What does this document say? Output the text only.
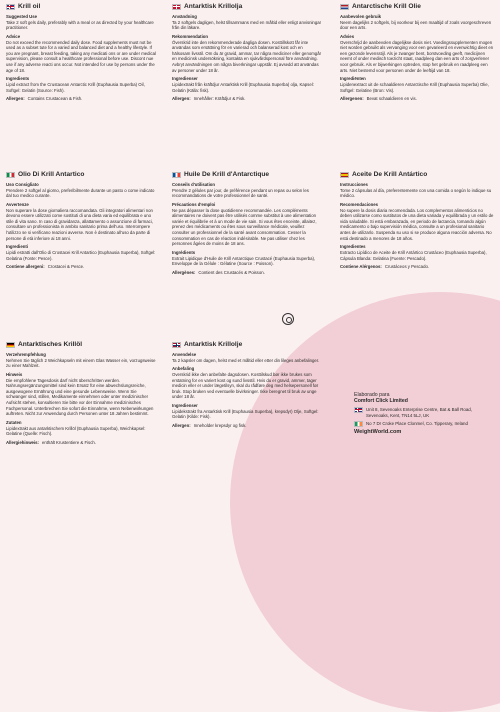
Krill oil
Suggested Use
Take 2 soft gels daily, preferably with a meal or as directed by your healthcare practitioner.
Advice
Do not exceed the recommended daily dose. Food supplements must not be used as a subset tute for a varied and balanced diet and a healthy lifestyle. If you are pregnant, breast feeding, taking any medicati ons or are under medical supervision, please consult a healthcare professional before use. Discont nue use if any adverse reacti ons occur. Not intended for use by persons under the age of 18.
Ingredients
Lipid extract from the Crustacean Antarctic Krill (Euphausia Superba) Oil, Softgel: Gelatin (Source: Fish).
Allergen: Contains Crustacean & Fish.
Antarktisk Krillolja
Användning
Ta 2 softgels dagligen, helst tillsammans med en måltid eller enligt anvisningar från din läkare.
Rekommendation
Överskrid inte den rekommenderade dagliga dosen. Kosttillskott får inte användas som ersättning för en varierad och balanserad kost och en hälsosam livsstil. Om du är gravid, ammar, tar några mediciner eller genomgår en medicinsk undersökning, kontakta en sjukvårdspersonal före användning. Avbryt användningen om några biverkningar uppstår. Ej avsedd att användas av personer under 18 år.
Ingredienser
Lipidextrakt från kräftdjur Antarktisk Krill (Euphausia Superba) olja, Kapsel: Gelatin (Källa: fisk).
Allergen: Innehåller: Kräftdjur & Fisk.
Antarctische Krill Olie
Aanbevolen gebruik
Neem dagelijks 2 softgels, bij voorkeur bij een maaltijd of zoals voorgeschreven door een arts.
Advies
Overschrijd de aanbevolen dagelijkse dosis niet. Voedingssupplementen mogen niet worden gebruikt als vervanging voor een gevarieerd en evenwichtig dieet en een gezonde levensstijl. Als je zwanger bent, borstvoeding geeft, medicijnen neemt of onder medisch toezicht staat, raadpleeg dan een arts of zorgverlener voor gebruik. Als er bijwerkingen optreden, stop het gebruik en raadpleeg een arts. Niet bestemd voor personen onder de leeftijd van 18.
Ingrediënten
Lipidenextract uit de schaaldieren Antarctische Krill (Euphausia Superba) Olie, Softgel: Gelatine (Bron: Vis).
Allergenen: Bevat schaaldieren en vis.
Olio Di Krill Antartico
Uso Consigliato
Prendere 2 softgel al giorno, preferibilmente durante un pasto o come indicato dal tuo medico curante.
Avvertenze
Non superare la dose giornaliera raccomandata. Gli integratori alimentari non devono essere utilizzati come sostituti di una dieta varia ed equilibrata e uno stile di vita sano. In caso di gravidanza, allattamento o assunzione di farmaci, consultare un professionista in ambito sanitario prima dell'uso. Interrompere l'utilizzo se si verificano reazioni avverse. Non è destinato all'uso da parte di persone di età inferiore ai 18 anni.
Ingredienti
Lipidi estratti dall'Olio di Crostacei Krill Antartico (Euphausia Superba), Softgel: Gelatina (Fonte: Pesce).
Contiene allergeni: Crostacei & Pesce.
Huile De Krill d'Antarctique
Conseils d'utilisation
Prendre 2 gélules par jour, de préférence pendant un repas ou selon les recommandations de votre professionnel de santé.
Précautions d'emploi
Ne pas dépasser la dose quotidienne recommandée. Les compléments alimentaires ne doivent pas être utilisés comme substitut à une alimentation variée et équilibrée et à un mode de vie sain. Si vous êtes enceinte, allaitez, prenez des médicaments ou êtes sous surveillance médicale, veuillez consulter un professionnel de la santé avant consommation. Cesser la consommation en cas de réaction indésirable. Ne pas utiliser chez les personnes âgées de moins de 18 ans.
Ingrédients
Extrait Lipidique d'Huile de Krill Antarctique Crustacé (Euphausia Superba), Enveloppe de la Gélule : Gélatine (Source : Poisson).
Allergènes: Contient des Crustacés & Poisson.
Aceite De Krill Antártico
Instrucciones
Tome 2 cápsulas al día, preferentemente con una comida o según lo indique su médico.
Recomendaciones
No supere la dosis diaria recomendada. Los complementos alimenticios no deben utilizarse como sustitutos de una dieta variada y equilibrada y un estilo de vida saludable. Si está embarazada, en periodo de lactancia, tomando algún medicamento o bajo supervisión médica, consulte a un profesional sanitario antes de utilizarlo. Suspenda su uso si se produce alguna reacción adversa. No está destinado a menores de 18 años.
Ingredientes
Extracto Lipídico de Aceite de Krill Antártico Crustáceo (Euphausia Superba), Cápsula Blanda: Gelatina (Fuente: Pescado).
Contiene Alérgenos: Crustáceos y Pescado.
Antarktisches Krillöl
Verzehrempfehlung
Nehmen Sie täglich 2 Weichkapseln mit einem Glas Wasser ein, vorzugsweise zu einer Mahlzeit.
Hinweis
Die empfohlene Tagesdosis darf nicht überschritten werden. Nahrungsergänzungsmittel sind kein Ersatz für eine abwechslungsreiche, ausgewogene Ernährung und eine gesunde Lebensweise. Wenn Sie schwanger sind, stillen, Medikamente einnehmen oder unter medizinischer Aufsicht stehen, konsultieren Sie bitte vor der Einnahme medizinisches Fachpersonal. Unterbrechen Sie sofort die Einnahme, wenn Nebenwirkungen auftreten. Nicht zur Anwendung durch Personen unter 18 Jahren bestimmt.
Zutaten
Lipidextrakt aus antarktischem Krillöl (Euphausia Superba), Weichkapsel: Gelatine (Quelle: Fisch).
Allergiehinweis: enthält Krustentiere & Fisch.
Antarktisk Krillolje
Anvendelse
Ta 2 kapsler om dagen, helst med et måltid eller etter din lileges anbefalinger.
Anbefaling
Overskrid ikke den anbefalte dagsdosen. Kosttilskud bør ikke brukes som erstatning for en variert kost og sund livsstil. Hvis du er gravid, ammer, tager medicin eller er under lægetilsyn, skal du rådføre deg med helsepersonell før bruk. Stop bruken ved eventuelle bivirkninger. Ikke beregnet til bruk av unge under 18 år.
Ingredienser
Lipidekstrakt fra Antarktisk Krill (Euphausia Superba), krepsdyr) Olje, Softgel: Gelatin (Kilde: Fisk).
Allergen: Inneholder krepsdyr og fisk.
Elaborado para
Comfort Click Limited
Unit 8, Sevenoaks Enterprise Centre, Bat & Ball Road, Sevenoaks, Kent, TN14 5LJ, UK
No 7 Dr Croke Place Clonmel, Co. Tipperary, Ireland
WeightWorld.com
